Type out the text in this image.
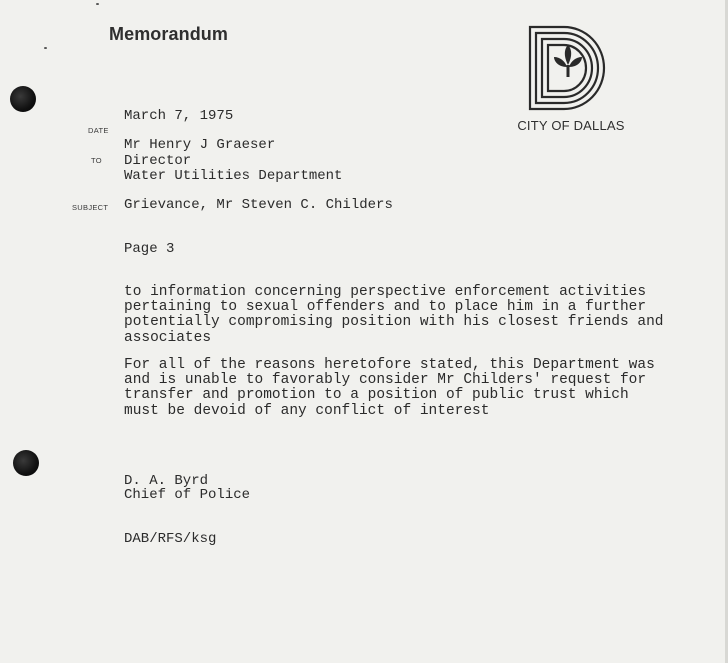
Memorandum
CITY OF DALLAS
DATE
TO
SUBJECT
March 7, 1975
Mr Henry J Graeser
Director
Water Utilities Department
Grievance, Mr Steven C. Childers
Page 3
to information concerning perspective enforcement activities
pertaining to sexual offenders and to place him in a further
potentially compromising position with his closest friends and
associates
For all of the reasons heretofore stated, this Department was
and is unable to favorably consider Mr Childers' request for
transfer and promotion to a position of public trust which
must be devoid of any conflict of interest
D. A. Byrd
Chief of Police
DAB/RFS/ksg
